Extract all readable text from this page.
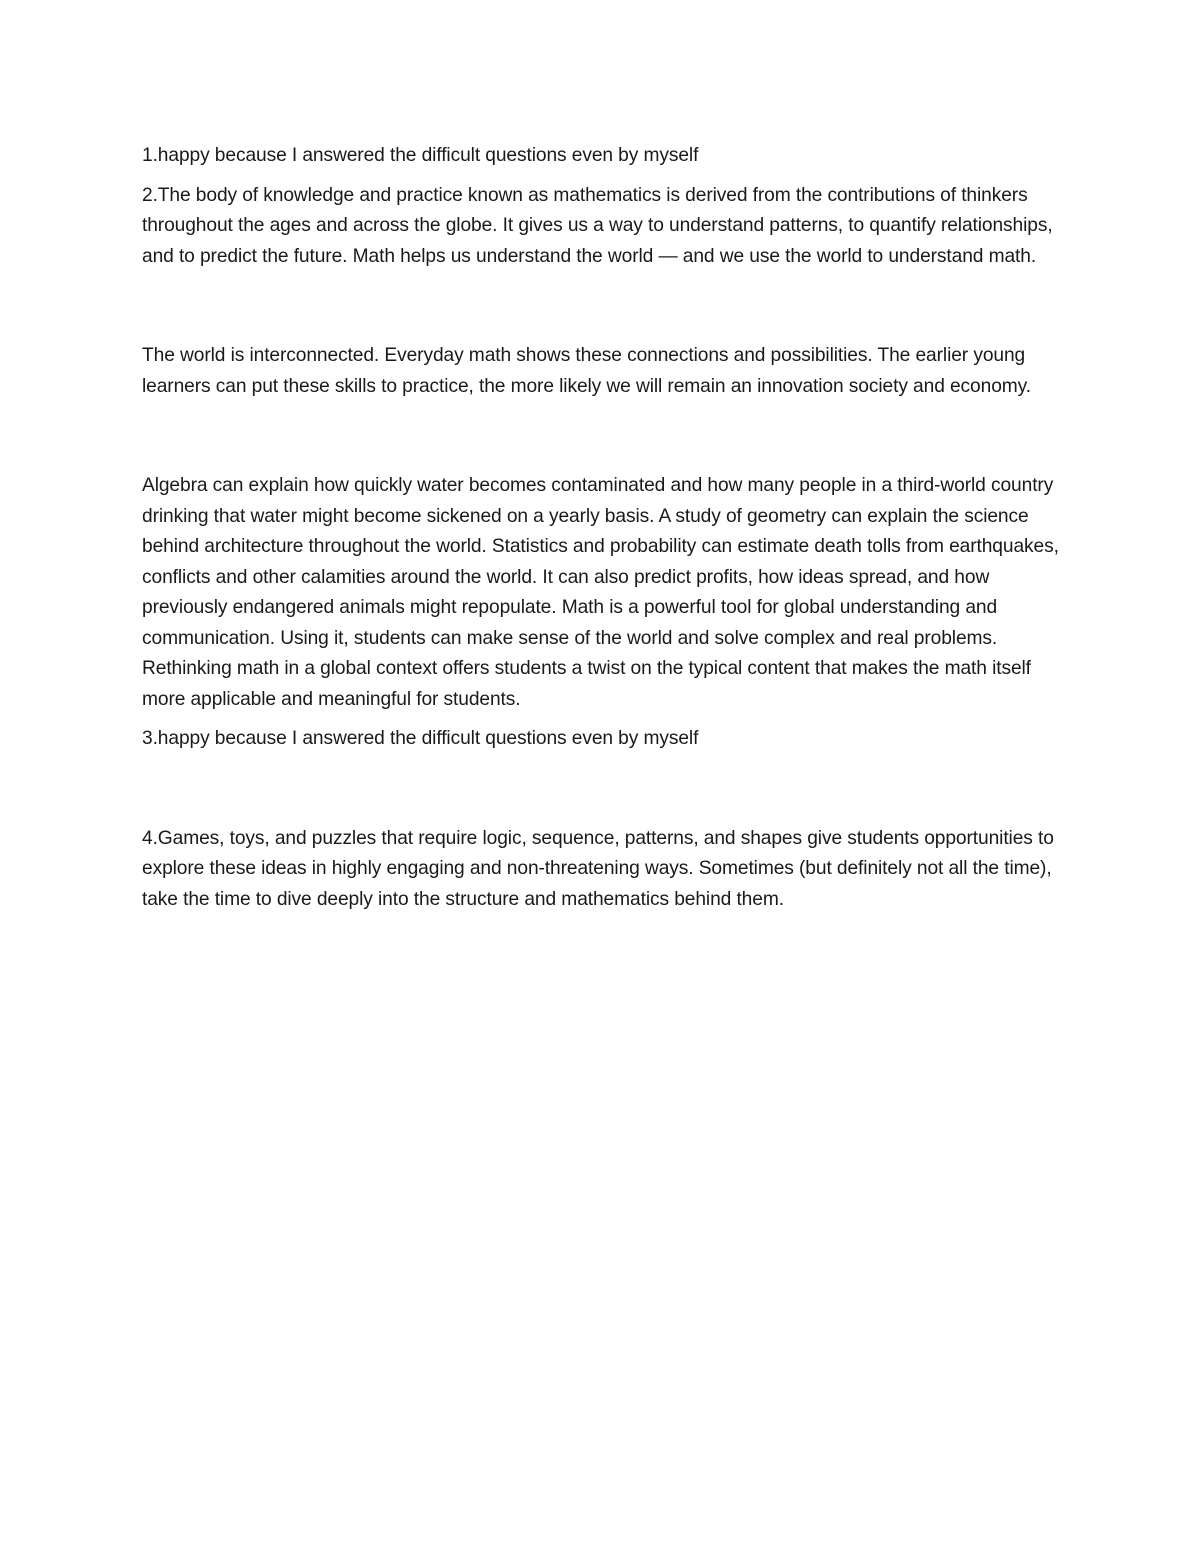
1.happy because I answered the difficult questions even by myself

2.The body of knowledge and practice known as mathematics is derived from the contributions of thinkers throughout the ages and across the globe. It gives us a way to understand patterns, to quantify relationships, and to predict the future. Math helps us understand the world — and we use the world to understand math.

The world is interconnected. Everyday math shows these connections and possibilities. The earlier young learners can put these skills to practice, the more likely we will remain an innovation society and economy.

Algebra can explain how quickly water becomes contaminated and how many people in a third-world country drinking that water might become sickened on a yearly basis. A study of geometry can explain the science behind architecture throughout the world. Statistics and probability can estimate death tolls from earthquakes, conflicts and other calamities around the world. It can also predict profits, how ideas spread, and how previously endangered animals might repopulate. Math is a powerful tool for global understanding and communication. Using it, students can make sense of the world and solve complex and real problems. Rethinking math in a global context offers students a twist on the typical content that makes the math itself more applicable and meaningful for students.

3.happy because I answered the difficult questions even by myself

4.Games, toys, and puzzles that require logic, sequence, patterns, and shapes give students opportunities to explore these ideas in highly engaging and non-threatening ways. Sometimes (but definitely not all the time), take the time to dive deeply into the structure and mathematics behind them.
